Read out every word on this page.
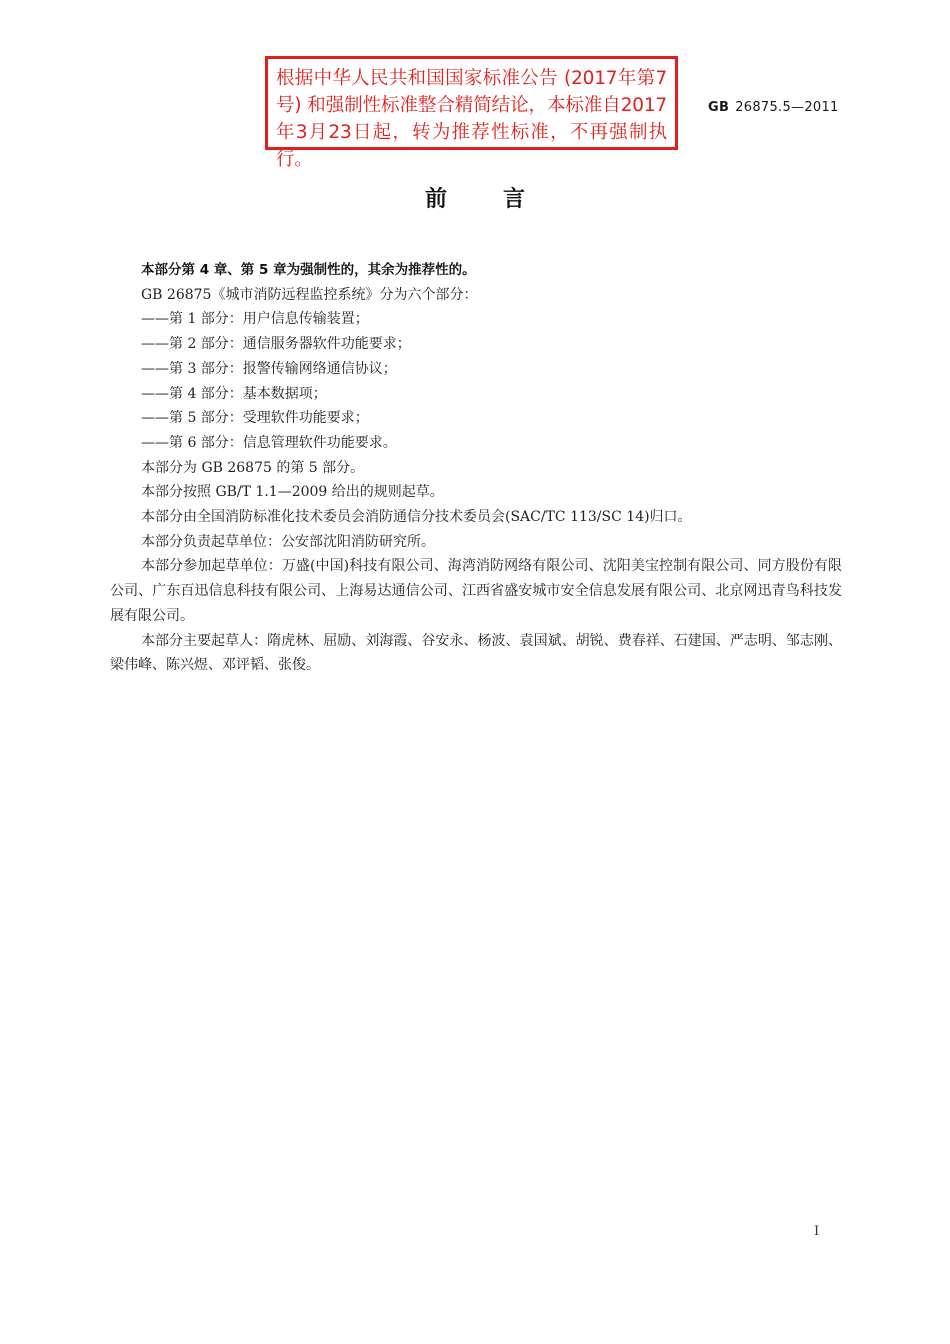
根据中华人民共和国国家标准公告 (2017年第7号) 和强制性标准整合精简结论，本标准自2017年3月23日起，转为推荐性标准，不再强制执行。
GB 26875.5—2011
前言

本部分第 4 章、第 5 章为强制性的，其余为推荐性的。

GB 26875《城市消防远程监控系统》分为六个部分：

——第 1 部分：用户信息传输装置；

——第 2 部分：通信服务器软件功能要求；

——第 3 部分：报警传输网络通信协议；

——第 4 部分：基本数据项；

——第 5 部分：受理软件功能要求；

——第 6 部分：信息管理软件功能要求。

本部分为 GB 26875 的第 5 部分。

本部分按照 GB/T 1.1—2009 给出的规则起草。

本部分由全国消防标准化技术委员会消防通信分技术委员会(SAC/TC 113/SC 14)归口。

本部分负责起草单位：公安部沈阳消防研究所。

本部分参加起草单位：万盛(中国)科技有限公司、海湾消防网络有限公司、沈阳美宝控制有限公司、同方股份有限公司、广东百迅信息科技有限公司、上海易达通信公司、江西省盛安城市安全信息发展有限公司、北京网迅青鸟科技发展有限公司。

本部分主要起草人：隋虎林、屈励、刘海霞、谷安永、杨波、袁国斌、胡锐、费春祥、石建国、严志明、邹志刚、梁伟峰、陈兴煜、邓评韬、张俊。

I
